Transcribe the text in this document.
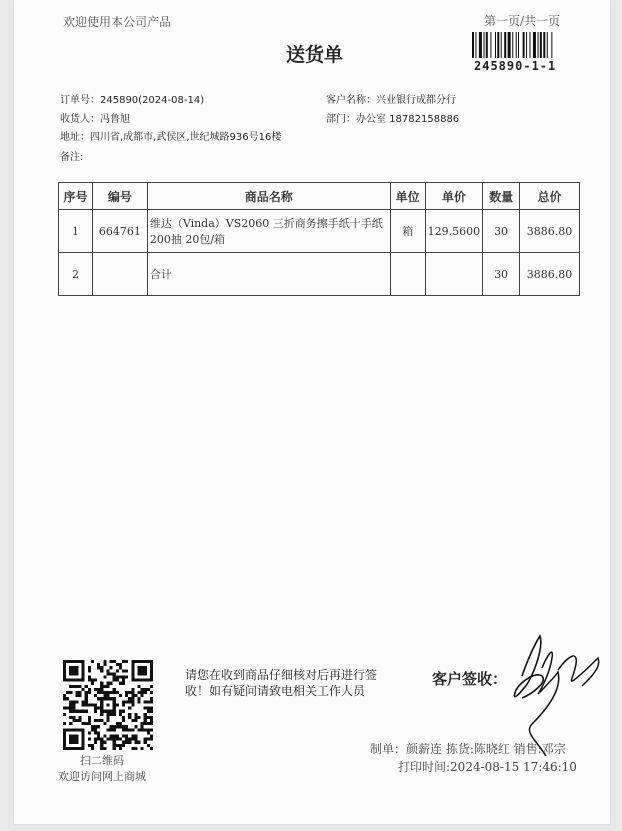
欢迎使用本公司产品	第一页/共一页
送货单	245890-1-1
订单号：245890(2024-08-14)
收货人：冯鲁旭
地址：四川省,成都市,武侯区,世纪城路936号16楼
备注:
客户名称：兴业银行成都分行
部门：办公室 18782158886
序号	编号	商品名称	单位	单价	数量	总价
1	664761	维达（Vinda）VS2060 三折商务擦手纸十手纸
200抽 20包/箱	箱	129.5600	30	3886.80
2		合计			30	3886.80
扫二维码
欢迎访问网上商城
请您在收到商品仔细核对后再进行签
收！如有疑问请致电相关工作人员
客户签收：
制单：颜薪连 拣货:陈晓红 销售:邓宗
打印时间:2024-08-15 17:46:10
